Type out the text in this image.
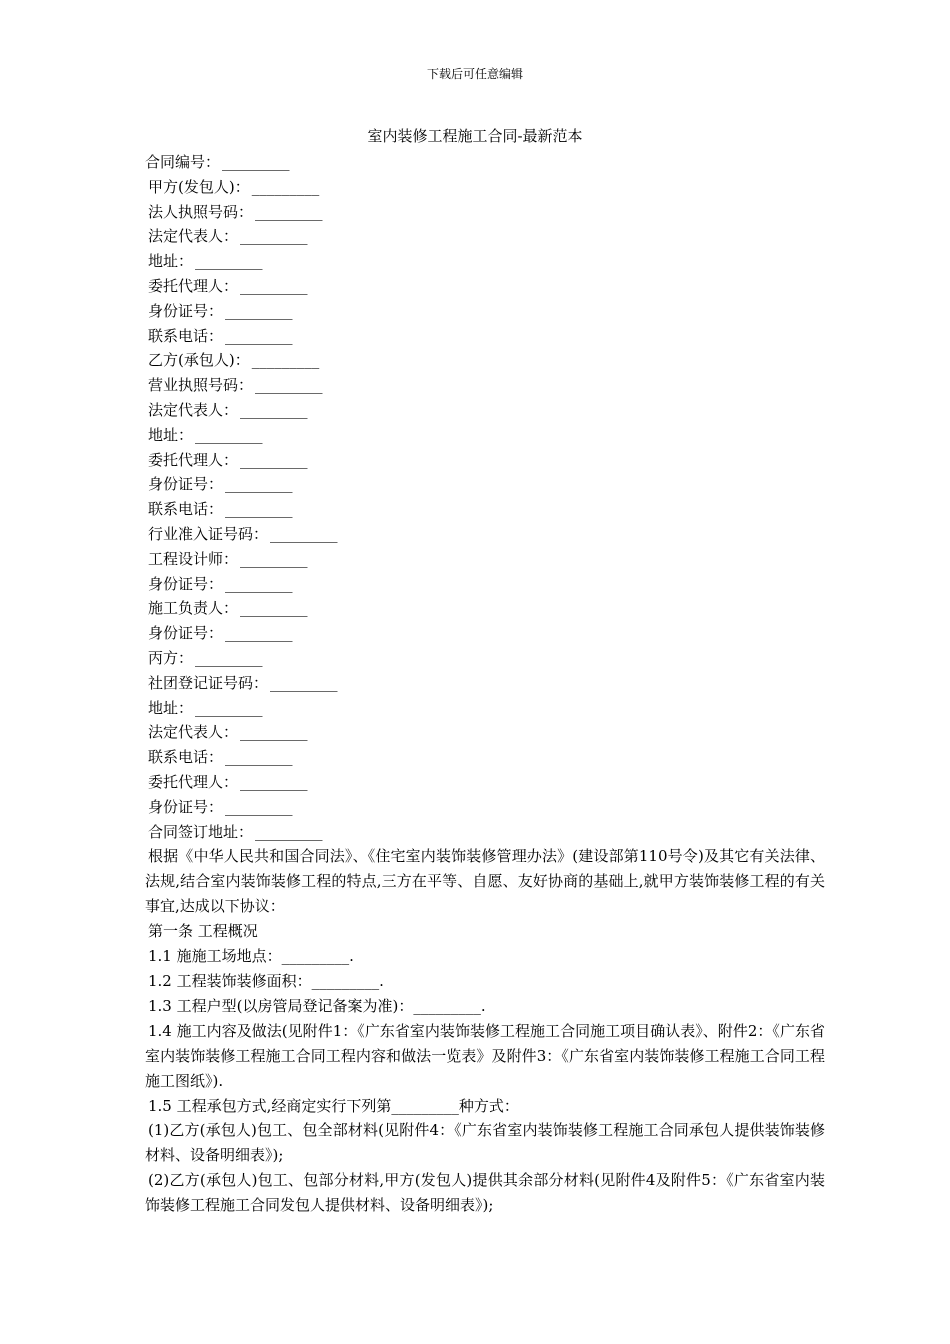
下载后可任意编辑
室内装修工程施工合同-最新范本
合同编号： _________
甲方(发包人)： _________
法人执照号码： _________
法定代表人： _________
地址： _________
委托代理人： _________
身份证号： _________
联系电话： _________
乙方(承包人)： _________
营业执照号码： _________
法定代表人： _________
地址： _________
委托代理人： _________
身份证号： _________
联系电话： _________
行业准入证号码： _________
工程设计师： _________
身份证号： _________
施工负责人： _________
身份证号： _________
丙方： _________
社团登记证号码： _________
地址： _________
法定代表人： _________
联系电话： _________
委托代理人： _________
身份证号： _________
合同签订地址： _________
根据《中华人民共和国合同法》、《住宅室内装饰装修管理办法》(建设部第110号令)及其它有关法律、法规,结合室内装饰装修工程的特点,三方在平等、自愿、友好协商的基础上,就甲方装饰装修工程的有关事宜,达成以下协议：
第一条 工程概况
1.1 施施工场地点：_________.
1.2 工程装饰装修面积：_________.
1.3 工程户型(以房管局登记备案为准)：_________.
1.4 施工内容及做法(见附件1：《广东省室内装饰装修工程施工合同施工项目确认表》、附件2：《广东省室内装饰装修工程施工合同工程内容和做法一览表》及附件3：《广东省室内装饰装修工程施工合同工程施工图纸》).
1.5 工程承包方式,经商定实行下列第_________种方式：
(1)乙方(承包人)包工、包全部材料(见附件4：《广东省室内装饰装修工程施工合同承包人提供装饰装修材料、设备明细表》);
(2)乙方(承包人)包工、包部分材料,甲方(发包人)提供其余部分材料(见附件4及附件5：《广东省室内装饰装修工程施工合同发包人提供材料、设备明细表》);
